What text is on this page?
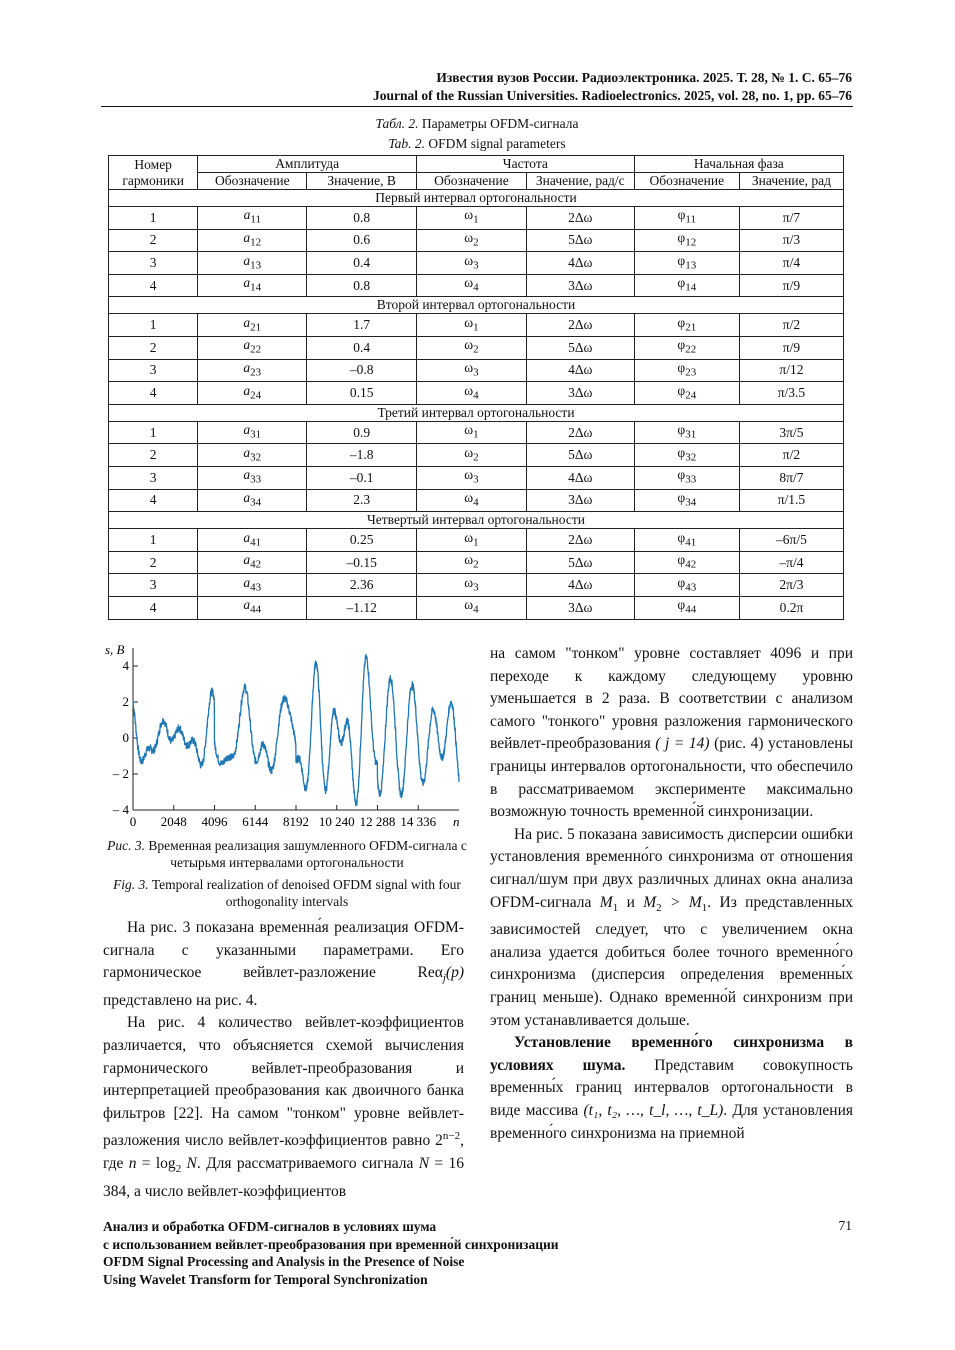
Известия вузов России. Радиоэлектроника. 2025. Т. 28, № 1. С. 65–76
Journal of the Russian Universities. Radioelectronics. 2025, vol. 28, no. 1, pp. 65–76
Табл. 2. Параметры OFDM-сигнала
Tab. 2. OFDM signal parameters
Номер гармоники	Амплитуда		Частота		Начальная фаза	
	Обозначение	Значение, В	Обозначение	Значение, рад/с	Обозначение	Значение, рад
Первый интервал ортогональности						
1	$a_{11}$	0.8	$\omega_1$	2Δω	$\varphi_{11}$	π/7
2	$a_{12}$	0.6	$\omega_2$	5Δω	$\varphi_{12}$	π/3
3	$a_{13}$	0.4	$\omega_3$	4Δω	$\varphi_{13}$	π/4
4	$a_{14}$	0.8	$\omega_4$	3Δω	$\varphi_{14}$	π/9
Второй интервал ортогональности						
1	$a_{21}$	1.7	$\omega_1$	2Δω	$\varphi_{21}$	π/2
2	$a_{22}$	0.4	$\omega_2$	5Δω	$\varphi_{22}$	π/9
3	$a_{23}$	–0.8	$\omega_3$	4Δω	$\varphi_{23}$	π/12
4	$a_{24}$	0.15	$\omega_4$	3Δω	$\varphi_{24}$	π/3.5
Третий интервал ортогональности						
1	$a_{31}$	0.9	$\omega_1$	2Δω	$\varphi_{31}$	3π/5
2	$a_{32}$	–1.8	$\omega_2$	5Δω	$\varphi_{32}$	π/2
3	$a_{33}$	–0.1	$\omega_3$	4Δω	$\varphi_{33}$	8π/7
4	$a_{34}$	2.3	$\omega_4$	3Δω	$\varphi_{34}$	π/1.5
Четвертый интервал ортогональности						
1	$a_{41}$	0.25	$\omega_1$	2Δω	$\varphi_{41}$	–6π/5
2	$a_{42}$	–0.15	$\omega_2$	5Δω	$\varphi_{42}$	–π/4
3	$a_{43}$	2.36	$\omega_3$	4Δω	$\varphi_{43}$	2π/3
4	$a_{44}$	–1.12	$\omega_4$	3Δω	$\varphi_{44}$	0.2π
s, В
n
4
2
0
– 2
– 4
0 2048 4096 6144 8192 10 240 12 288 14 336
Рис. 3. Временная реализация зашумленного OFDM-сигнала с четырьмя интервалами ортогональности
Fig. 3. Temporal realization of denoised OFDM signal with four orthogonality intervals

На рис. 3 показана временна́я реализация OFDM-сигнала с указанными параметрами. Его гармоническое вейвлет-разложение Reα$_j$(p) представлено на рис. 4.

На рис. 4 количество вейвлет-коэффициентов различается, что объясняется схемой вычисления гармонического вейвлет-преобразования и интерпретацией преобразования как двоичного банка фильтров [22]. На самом "тонком" уровне вейвлет-разложения число вейвлет-коэффициентов равно $2^{n-2}$, где $n = \log_2 N$. Для рассматриваемого сигнала N = 16 384, а число вейвлет-коэффициентов

на самом "тонком" уровне составляет 4096 и при переходе к каждому следующему уровню уменьшается в 2 раза. В соответствии с анализом самого "тонкого" уровня разложения гармонического вейвлет-преобразования ( j = 14) (рис. 4) установлены границы интервалов ортогональности, что обеспечило в рассматриваемом эксперименте максимально возможную точность временно́й синхронизации.

На рис. 5 показана зависимость дисперсии ошибки установления временно́го синхронизма от отношения сигнал/шум при двух различных длинах окна анализа OFDM-сигнала $M_1$ и $M_2 > M_1$. Из представленных зависимостей следует, что с увеличением окна анализа удается добиться более точного временно́го синхронизма (дисперсия определения временны́х границ меньше). Однако временно́й синхронизм при этом устанавливается дольше.

Установление временно́го синхронизма в условиях шума. Представим совокупность временны́х границ интервалов ортогональности в виде массива (t₁, t₂, …, t_l, …, t_L). Для установления временно́го синхронизма на приемной

Анализ и обработка OFDM-сигналов в условиях шума
с использованием вейвлет-преобразования при временно́й синхронизации
OFDM Signal Processing and Analysis in the Presence of Noise
Using Wavelet Transform for Temporal Synchronization
71
